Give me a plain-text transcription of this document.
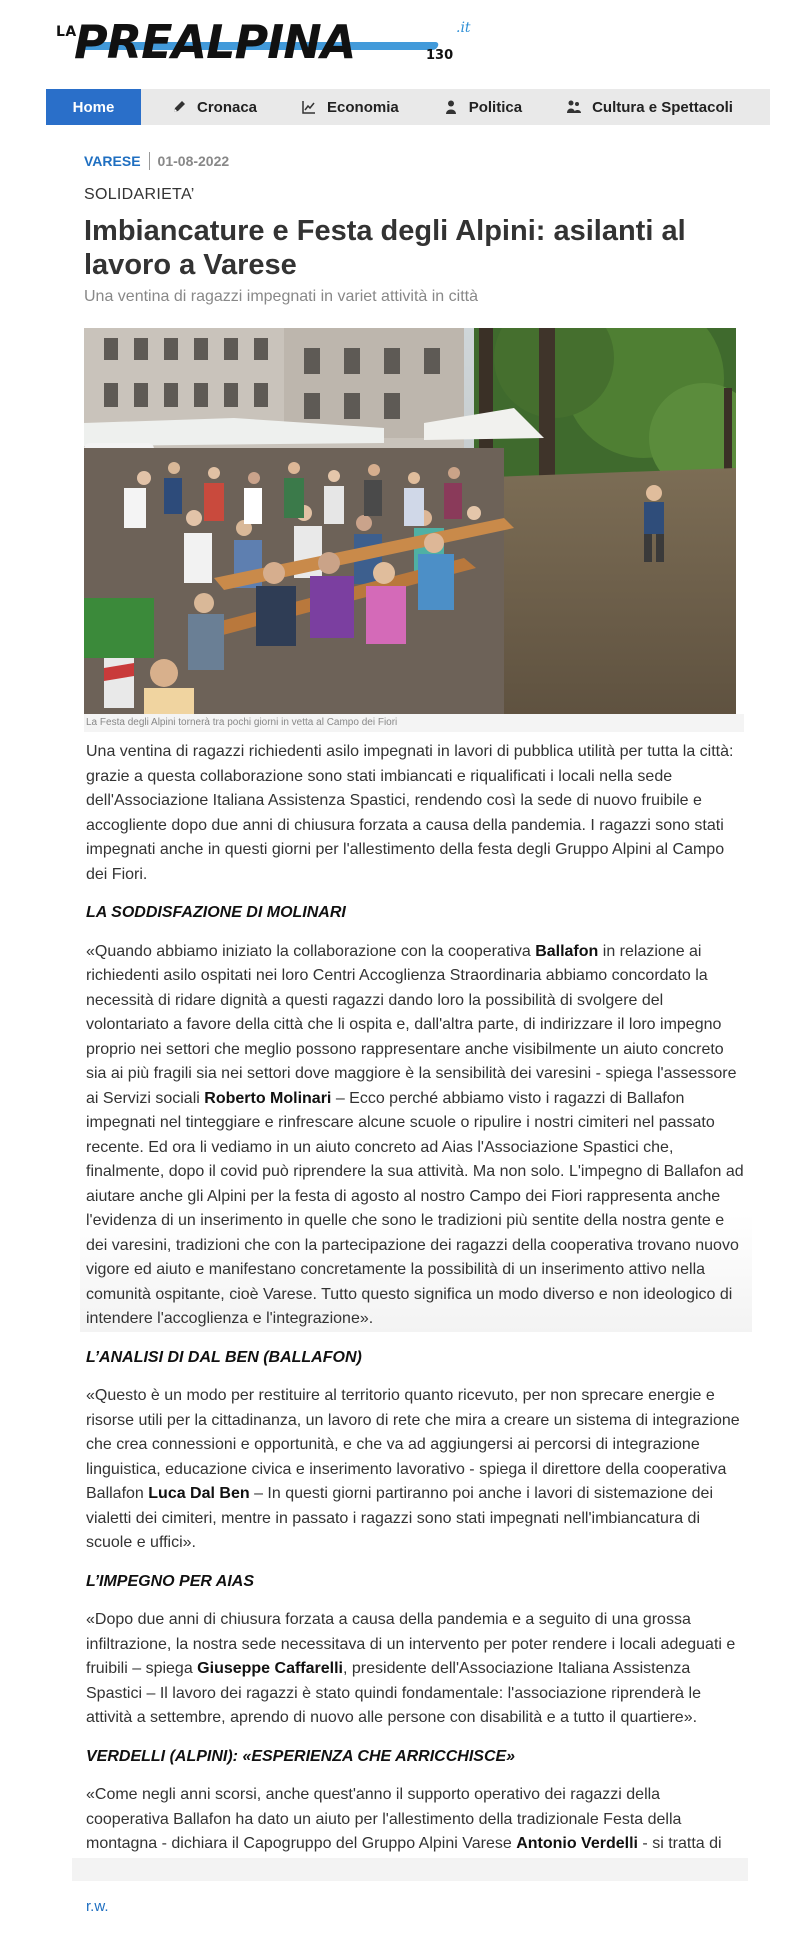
LA
PREALPINA	.it
130
Home	Cronaca	Economia	Politica	Cultura e Spettacoli
VARESE 01-08-2022
SOLIDARIETA’
Imbiancature e Festa degli Alpini: asilanti al lavoro a Varese
Una ventina di ragazzi impegnati in variet attività in città
La Festa degli Alpini tornerà tra pochi giorni in vetta al Campo dei Fiori

Una ventina di ragazzi richiedenti asilo impegnati in lavori di pubblica utilità per tutta la città: grazie a questa collaborazione sono stati imbiancati e riqualificati i locali nella sede dell'Associazione Italiana Assistenza Spastici, rendendo così la sede di nuovo fruibile e accogliente dopo due anni di chiusura forzata a causa della pandemia. I ragazzi sono stati impegnati anche in questi giorni per l'allestimento della festa degli Gruppo Alpini al Campo dei Fiori.

LA SODDISFAZIONE DI MOLINARI

«Quando abbiamo iniziato la collaborazione con la cooperativa Ballafon in relazione ai richiedenti asilo ospitati nei loro Centri Accoglienza Straordinaria abbiamo concordato la necessità di ridare dignità a questi ragazzi dando loro la possibilità di svolgere del volontariato a favore della città che li ospita e, dall'altra parte, di indirizzare il loro impegno proprio nei settori che meglio possono rappresentare anche visibilmente un aiuto concreto sia ai più fragili sia nei settori dove maggiore è la sensibilità dei varesini - spiega l'assessore ai Servizi sociali Roberto Molinari – Ecco perché abbiamo visto i ragazzi di Ballafon impegnati nel tinteggiare e rinfrescare alcune scuole o ripulire i nostri cimiteri nel passato recente. Ed ora li vediamo in un aiuto concreto ad Aias l'Associazione Spastici che, finalmente, dopo il covid può riprendere la sua attività. Ma non solo. L'impegno di Ballafon ad aiutare anche gli Alpini per la festa di agosto al nostro Campo dei Fiori rappresenta anche l'evidenza di un inserimento in quelle che sono le tradizioni più sentite della nostra gente e dei varesini, tradizioni che con la partecipazione dei ragazzi della cooperativa trovano nuovo vigore ed aiuto e manifestano concretamente la possibilità di un inserimento attivo nella comunità ospitante, cioè Varese. Tutto questo significa un modo diverso e non ideologico di intendere l'accoglienza e l'integrazione».

L’ANALISI DI DAL BEN (BALLAFON)

«Questo è un modo per restituire al territorio quanto ricevuto, per non sprecare energie e risorse utili per la cittadinanza, un lavoro di rete che mira a creare un sistema di integrazione che crea connessioni e opportunità, e che va ad aggiungersi ai percorsi di integrazione linguistica, educazione civica e inserimento lavorativo - spiega il direttore della cooperativa Ballafon Luca Dal Ben – In questi giorni partiranno poi anche i lavori di sistemazione dei vialetti dei cimiteri, mentre in passato i ragazzi sono stati impegnati nell'imbiancatura di scuole e uffici».

L’IMPEGNO PER AIAS

«Dopo due anni di chiusura forzata a causa della pandemia e a seguito di una grossa infiltrazione, la nostra sede necessitava di un intervento per poter rendere i locali adeguati e fruibili – spiega Giuseppe Caffarelli, presidente dell'Associazione Italiana Assistenza Spastici – Il lavoro dei ragazzi è stato quindi fondamentale: l'associazione riprenderà le attività a settembre, aprendo di nuovo alle persone con disabilità e a tutto il quartiere».

VERDELLI (ALPINI): «ESPERIENZA CHE ARRICCHISCE»

«Come negli anni scorsi, anche quest'anno il supporto operativo dei ragazzi della cooperativa Ballafon ha dato un aiuto per l'allestimento della tradizionale Festa della montagna - dichiara il Capogruppo del Gruppo Alpini Varese Antonio Verdelli - si tratta di

r.w.
